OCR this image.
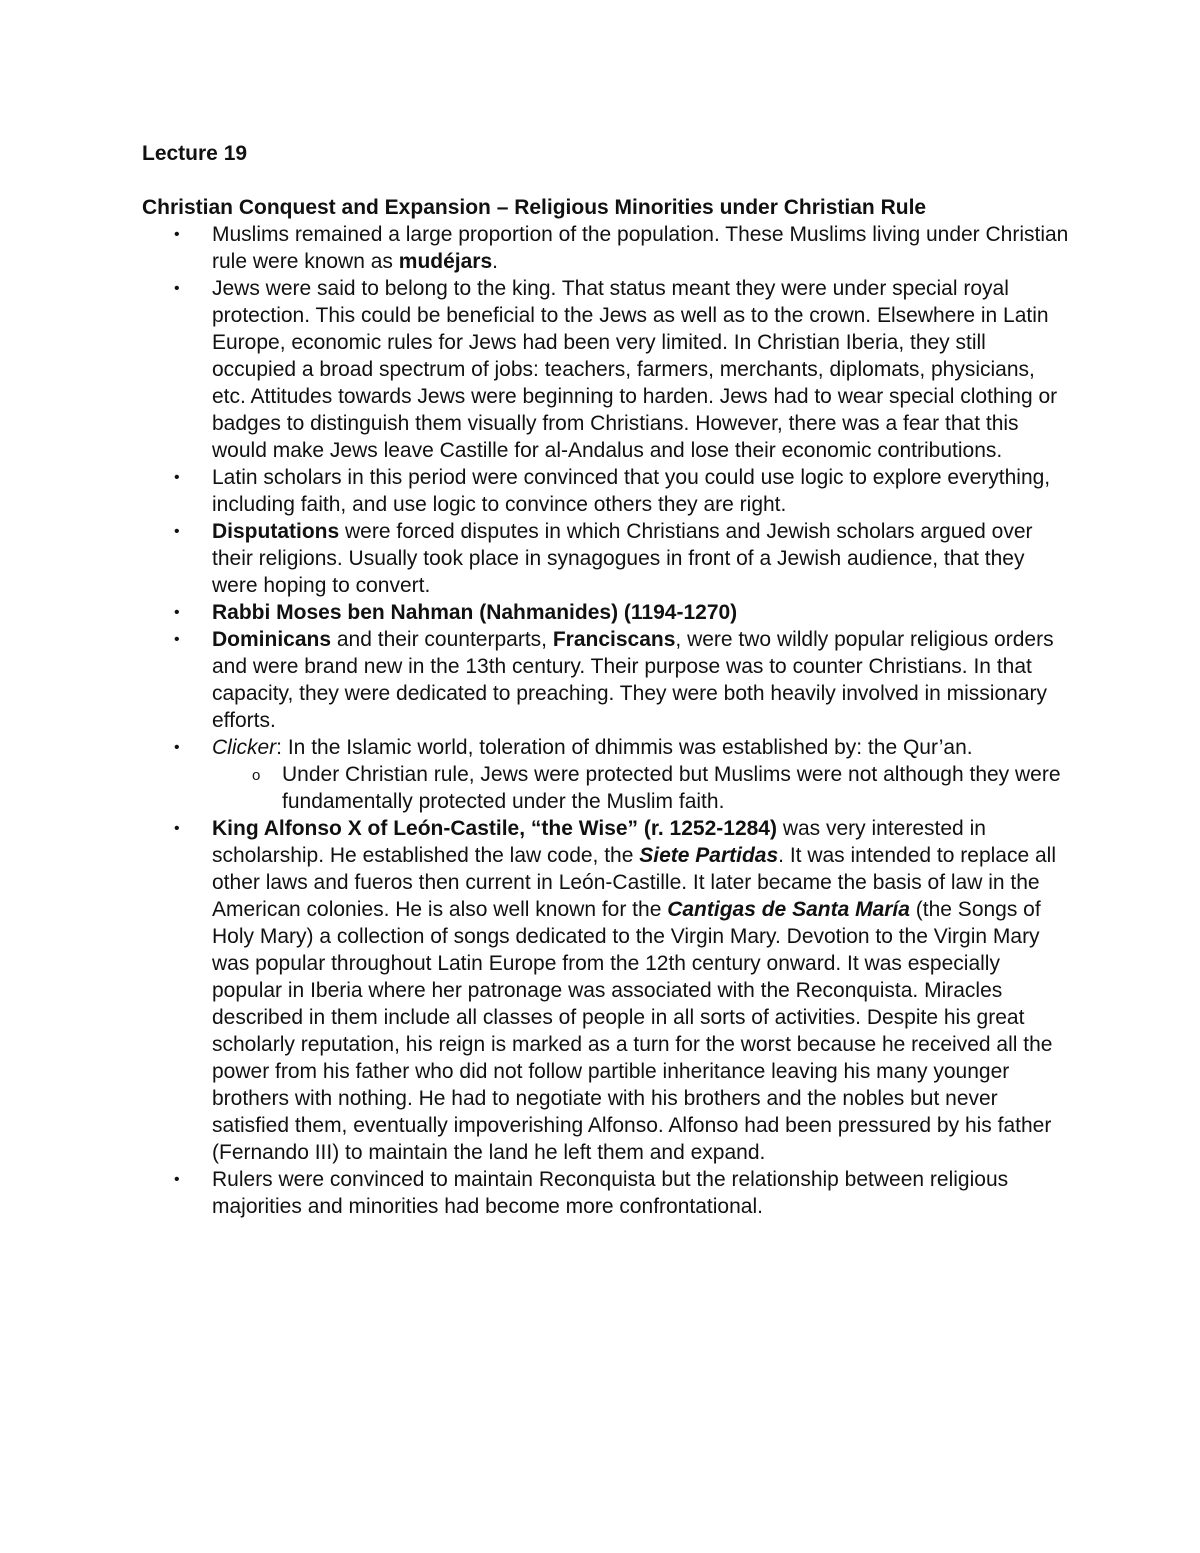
Lecture 19
Christian Conquest and Expansion – Religious Minorities under Christian Rule
• Muslims remained a large proportion of the population. These Muslims living under Christian rule were known as mudéjars.
• Jews were said to belong to the king. That status meant they were under special royal protection. This could be beneficial to the Jews as well as to the crown. Elsewhere in Latin Europe, economic rules for Jews had been very limited. In Christian Iberia, they still occupied a broad spectrum of jobs: teachers, farmers, merchants, diplomats, physicians, etc. Attitudes towards Jews were beginning to harden. Jews had to wear special clothing or badges to distinguish them visually from Christians. However, there was a fear that this would make Jews leave Castille for al-Andalus and lose their economic contributions.
• Latin scholars in this period were convinced that you could use logic to explore everything, including faith, and use logic to convince others they are right.
• Disputations were forced disputes in which Christians and Jewish scholars argued over their religions. Usually took place in synagogues in front of a Jewish audience, that they were hoping to convert.
• Rabbi Moses ben Nahman (Nahmanides) (1194-1270)
• Dominicans and their counterparts, Franciscans, were two wildly popular religious orders and were brand new in the 13th century. Their purpose was to counter Christians. In that capacity, they were dedicated to preaching. They were both heavily involved in missionary efforts.
• Clicker: In the Islamic world, toleration of dhimmis was established by: the Qur’an.
o Under Christian rule, Jews were protected but Muslims were not although they were fundamentally protected under the Muslim faith.
• King Alfonso X of León-Castile, “the Wise” (r. 1252-1284) was very interested in scholarship. He established the law code, the Siete Partidas. It was intended to replace all other laws and fueros then current in León-Castille. It later became the basis of law in the American colonies. He is also well known for the Cantigas de Santa María (the Songs of Holy Mary) a collection of songs dedicated to the Virgin Mary. Devotion to the Virgin Mary was popular throughout Latin Europe from the 12th century onward. It was especially popular in Iberia where her patronage was associated with the Reconquista. Miracles described in them include all classes of people in all sorts of activities. Despite his great scholarly reputation, his reign is marked as a turn for the worst because he received all the power from his father who did not follow partible inheritance leaving his many younger brothers with nothing. He had to negotiate with his brothers and the nobles but never satisfied them, eventually impoverishing Alfonso. Alfonso had been pressured by his father (Fernando III) to maintain the land he left them and expand.
• Rulers were convinced to maintain Reconquista but the relationship between religious majorities and minorities had become more confrontational.
